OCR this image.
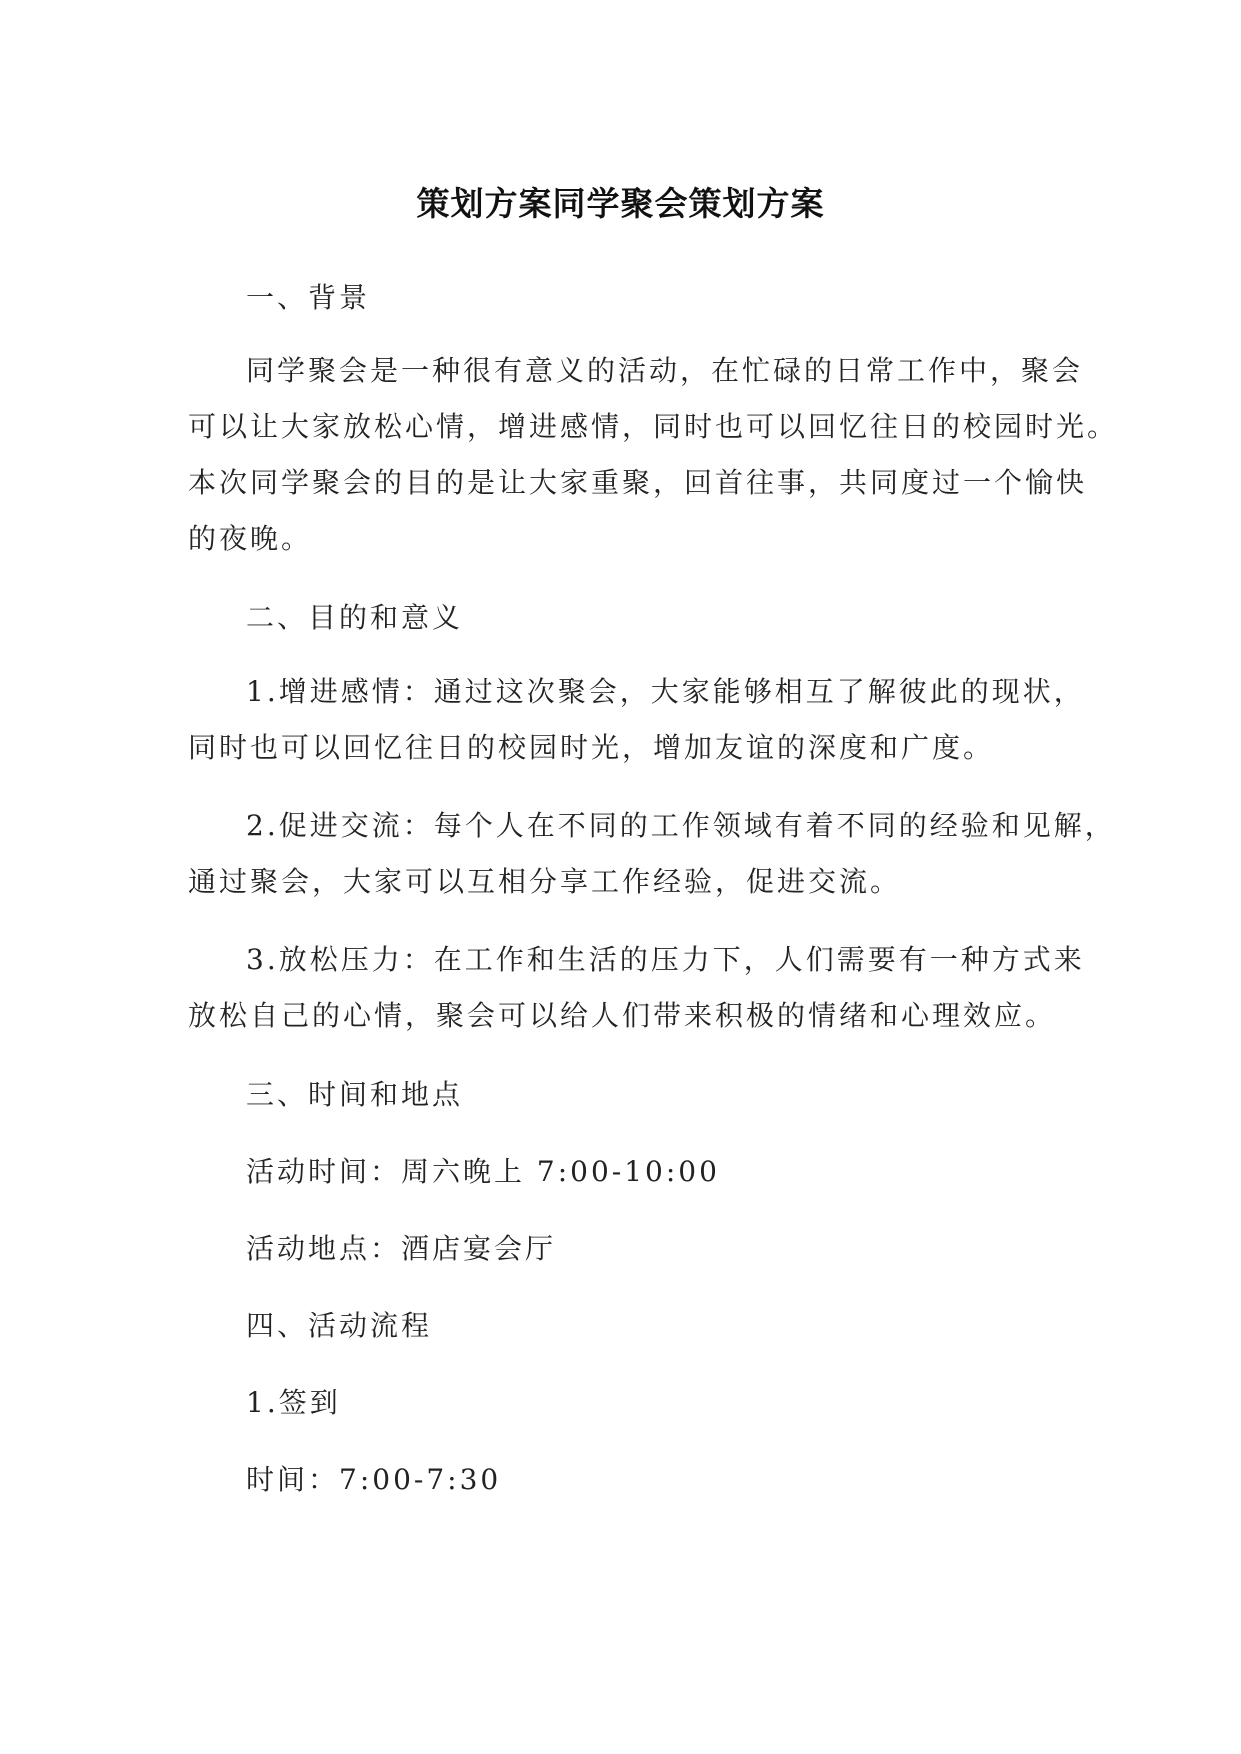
策划方案同学聚会策划方案
一、背景
同学聚会是一种很有意义的活动，在忙碌的日常工作中，聚会
可以让大家放松心情，增进感情，同时也可以回忆往日的校园时光。
本次同学聚会的目的是让大家重聚，回首往事，共同度过一个愉快
的夜晚。
二、目的和意义
1.增进感情：通过这次聚会，大家能够相互了解彼此的现状，
同时也可以回忆往日的校园时光，增加友谊的深度和广度。
2.促进交流：每个人在不同的工作领域有着不同的经验和见解，
通过聚会，大家可以互相分享工作经验，促进交流。
3.放松压力：在工作和生活的压力下，人们需要有一种方式来
放松自己的心情，聚会可以给人们带来积极的情绪和心理效应。
三、时间和地点
活动时间：周六晚上 7:00-10:00
活动地点：酒店宴会厅
四、活动流程
1.签到
时间：7:00-7:30
